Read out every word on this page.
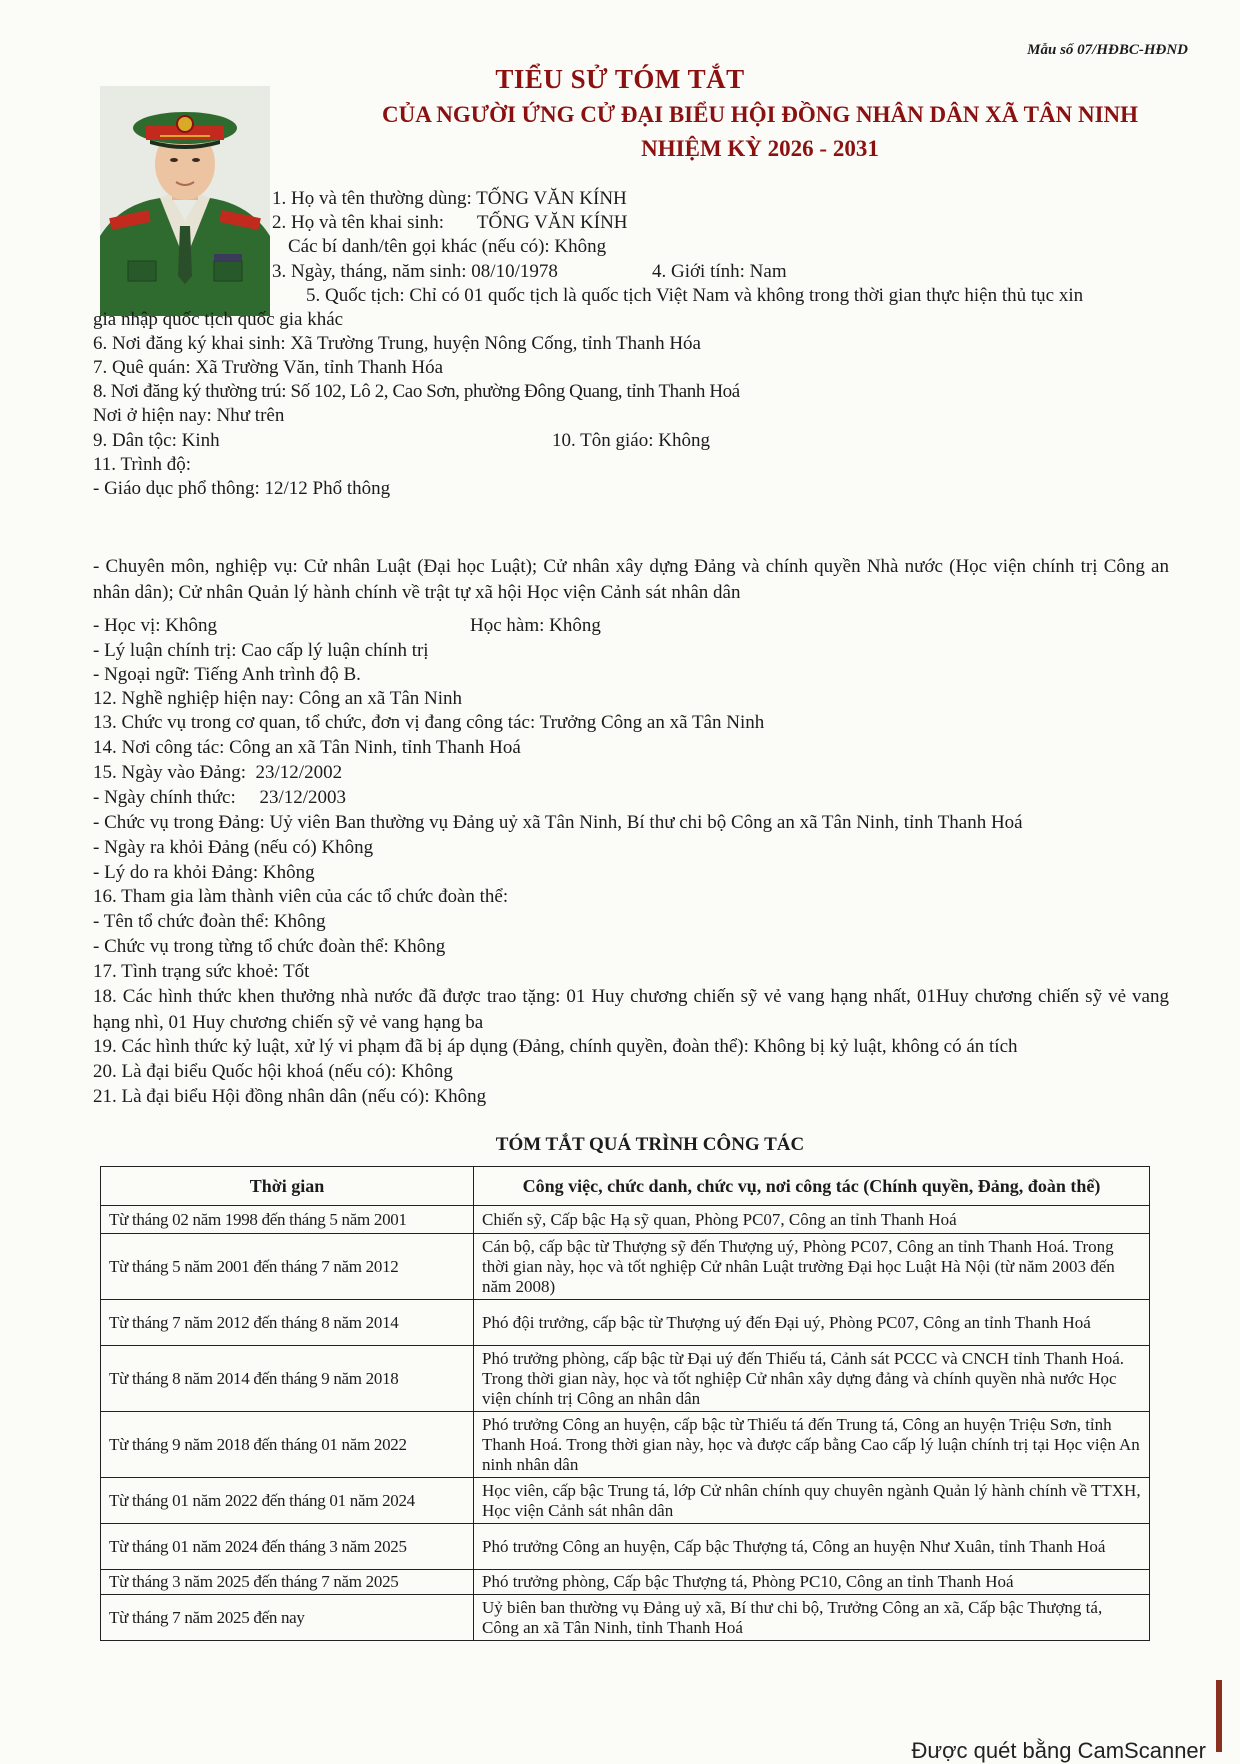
Mẫu số 07/HĐBC-HĐND
TIỂU SỬ TÓM TẮT
CỦA NGƯỜI ỨNG CỬ ĐẠI BIỂU HỘI ĐỒNG NHÂN DÂN XÃ TÂN NINH
NHIỆM KỲ 2026 - 2031
1. Họ và tên thường dùng: TỐNG VĂN KÍNH
2. Họ và tên khai sinh:       TỐNG VĂN KÍNH
Các bí danh/tên gọi khác (nếu có): Không
3. Ngày, tháng, năm sinh: 08/10/1978	4. Giới tính: Nam
5. Quốc tịch: Chỉ có 01 quốc tịch là quốc tịch Việt Nam và không trong thời gian thực hiện thủ tục xin
gia nhập quốc tịch quốc gia khác
6. Nơi đăng ký khai sinh: Xã Trường Trung, huyện Nông Cống, tỉnh Thanh Hóa
7. Quê quán: Xã Trường Văn, tỉnh Thanh Hóa
8. Nơi đăng ký thường trú: Số 102, Lô 2, Cao Sơn, phường Đông Quang, tỉnh Thanh Hoá
Nơi ở hiện nay: Như trên
9. Dân tộc: Kinh	10. Tôn giáo: Không
11. Trình độ:
- Giáo dục phổ thông: 12/12 Phổ thông
- Chuyên môn, nghiệp vụ: Cử nhân Luật (Đại học Luật); Cử nhân xây dựng Đảng và chính quyền Nhà nước (Học viện chính trị Công an nhân dân); Cử nhân Quản lý hành chính về trật tự xã hội Học viện Cảnh sát nhân dân
- Học vị: Không	Học hàm: Không
- Lý luận chính trị: Cao cấp lý luận chính trị
- Ngoại ngữ: Tiếng Anh trình độ B.
12. Nghề nghiệp hiện nay: Công an xã Tân Ninh
13. Chức vụ trong cơ quan, tổ chức, đơn vị đang công tác: Trưởng Công an xã Tân Ninh
14. Nơi công tác: Công an xã Tân Ninh, tỉnh Thanh Hoá
15. Ngày vào Đảng:  23/12/2002
- Ngày chính thức:     23/12/2003
- Chức vụ trong Đảng: Uỷ viên Ban thường vụ Đảng uỷ xã Tân Ninh, Bí thư chi bộ Công an xã Tân Ninh, tỉnh Thanh Hoá
- Ngày ra khỏi Đảng (nếu có) Không
- Lý do ra khỏi Đảng: Không
16. Tham gia làm thành viên của các tổ chức đoàn thể:
- Tên tổ chức đoàn thể: Không
- Chức vụ trong từng tổ chức đoàn thể: Không
17. Tình trạng sức khoẻ: Tốt
18. Các hình thức khen thưởng nhà nước đã được trao tặng: 01 Huy chương chiến sỹ vẻ vang hạng nhất, 01Huy chương chiến sỹ vẻ vang hạng nhì, 01 Huy chương chiến sỹ vẻ vang hạng ba
19. Các hình thức kỷ luật, xử lý vi phạm đã bị áp dụng (Đảng, chính quyền, đoàn thể): Không bị kỷ luật, không có án tích
20. Là đại biểu Quốc hội khoá (nếu có): Không
21. Là đại biểu Hội đồng nhân dân (nếu có): Không
TÓM TẮT QUÁ TRÌNH CÔNG TÁC
Thời gian	Công việc, chức danh, chức vụ, nơi công tác (Chính quyền, Đảng, đoàn thể)
Từ tháng 02 năm 1998 đến tháng 5 năm 2001	Chiến sỹ, Cấp bậc Hạ sỹ quan, Phòng PC07, Công an tỉnh Thanh Hoá
Từ tháng 5 năm 2001 đến tháng 7 năm 2012	Cán bộ, cấp bậc từ Thượng sỹ đến Thượng uý, Phòng PC07, Công an tỉnh Thanh Hoá. Trong thời gian này, học và tốt nghiệp Cử nhân Luật trường Đại học Luật Hà Nội (từ năm 2003 đến năm 2008)
Từ tháng 7 năm 2012 đến tháng 8 năm 2014	Phó đội trưởng, cấp bậc từ Thượng uý đến Đại uý, Phòng PC07, Công an tỉnh Thanh Hoá
Từ tháng 8 năm 2014 đến tháng 9 năm 2018	Phó trưởng phòng, cấp bậc từ Đại uý đến Thiếu tá, Cảnh sát PCCC và CNCH tỉnh Thanh Hoá. Trong thời gian này, học và tốt nghiệp Cử nhân xây dựng đảng và chính quyền nhà nước Học viện chính trị Công an nhân dân
Từ tháng 9 năm 2018 đến tháng 01 năm 2022	Phó trưởng Công an huyện, cấp bậc từ Thiếu tá đến Trung tá, Công an huyện Triệu Sơn, tỉnh Thanh Hoá. Trong thời gian này, học và được cấp bằng Cao cấp lý luận chính trị tại Học viện An ninh nhân dân
Từ tháng 01 năm 2022 đến tháng 01 năm 2024	Học viên, cấp bậc Trung tá, lớp Cử nhân chính quy chuyên ngành Quản lý hành chính về TTXH, Học viện Cảnh sát nhân dân
Từ tháng 01 năm 2024 đến tháng 3 năm 2025	Phó trưởng Công an huyện, Cấp bậc Thượng tá, Công an huyện Như Xuân, tỉnh Thanh Hoá
Từ tháng 3 năm 2025 đến tháng 7 năm 2025	Phó trưởng phòng, Cấp bậc Thượng tá, Phòng PC10, Công an tỉnh Thanh Hoá
Từ tháng 7 năm 2025 đến nay	Uỷ biên ban thường vụ Đảng uỷ xã, Bí thư chi bộ, Trưởng Công an xã, Cấp bậc Thượng tá, Công an xã Tân Ninh, tỉnh Thanh Hoá
Được quét bằng CamScanner
